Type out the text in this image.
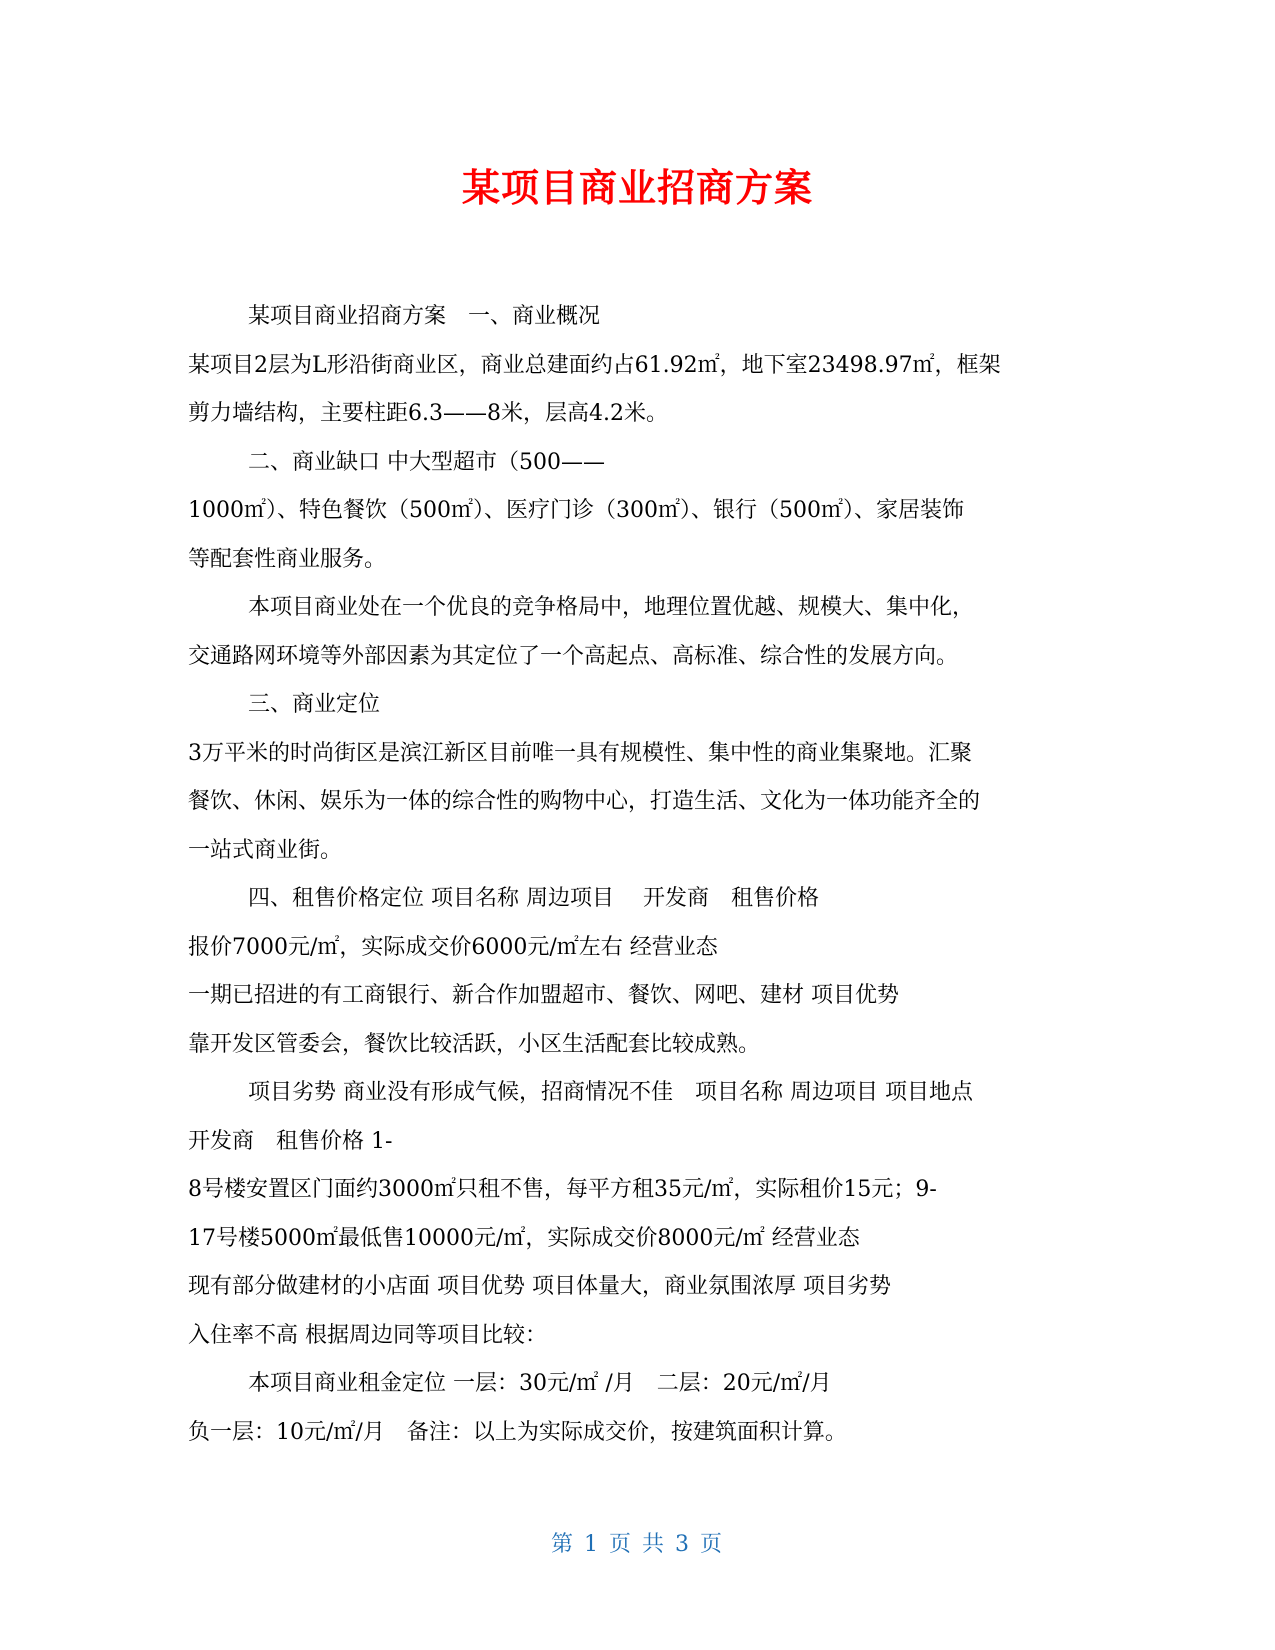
某项目商业招商方案
某项目商业招商方案　一、商业概况
某项目2层为L形沿街商业区，商业总建面约占61.92㎡，地下室23498.97㎡，框架
剪力墙结构，主要柱距6.3——8米，层高4.2米。
二、商业缺口 中大型超市（500——
1000㎡）、特色餐饮（500㎡）、医疗门诊（300㎡）、银行（500㎡）、家居装饰
等配套性商业服务。
本项目商业处在一个优良的竞争格局中，地理位置优越、规模大、集中化，
交通路网环境等外部因素为其定位了一个高起点、高标准、综合性的发展方向。
三、商业定位
3万平米的时尚街区是滨江新区目前唯一具有规模性、集中性的商业集聚地。汇聚
餐饮、休闲、娱乐为一体的综合性的购物中心，打造生活、文化为一体功能齐全的
一站式商业街。
四、租售价格定位 项目名称 周边项目　 开发商　租售价格
报价7000元/㎡，实际成交价6000元/㎡左右 经营业态
一期已招进的有工商银行、新合作加盟超市、餐饮、网吧、建材 项目优势
靠开发区管委会，餐饮比较活跃，小区生活配套比较成熟。
项目劣势 商业没有形成气候，招商情况不佳　项目名称 周边项目 项目地点
开发商　租售价格 1-
8号楼安置区门面约3000㎡只租不售，每平方租35元/㎡，实际租价15元；9-
17号楼5000㎡最低售10000元/㎡，实际成交价8000元/㎡ 经营业态
现有部分做建材的小店面 项目优势 项目体量大，商业氛围浓厚 项目劣势
入住率不高 根据周边同等项目比较：
本项目商业租金定位 一层：30元/㎡ /月　二层：20元/㎡/月
负一层：10元/㎡/月　备注：以上为实际成交价，按建筑面积计算。
第 1 页 共 3 页
